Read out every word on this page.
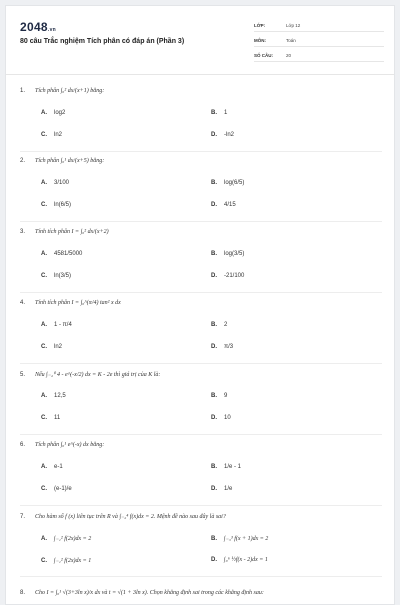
2048.vn
80 câu Trắc nghiệm Tích phân có đáp án (Phần 3)
LỚP:	Lớp 12
MÔN:	Toán
SỐ CÂU:	20
1. Tích phân ∫₀² dx/(x+1) bằng:
A. log2	B. 1
C. ln2	D. -ln2
2. Tích phân ∫₀¹ dx/(x+5) bằng:
A. 3/100	B. log(6/5)
C. ln(6/5)	D. 4/15
3. Tính tích phân I = ∫₀² dx/(x+2)
A. 4581/5000	B. log(3/5)
C. ln(3/5)	D. -21/100
4. Tính tích phân I = ∫₀^(π/4) tan² x dx
A. 1 - π/4	B. 2
C. ln2	D. π/3
5. Nếu ∫₋₂⁰ 4 - e^(-x/2) dx = K - 2e thì giá trị của K là:
A. 12,5	B. 9
C. 11	D. 10
6. Tích phân ∫₀¹ e^(-x) dx bằng:
A. e-1	B. 1/e - 1
C. (e-1)/e	D. 1/e
7. Cho hàm số f (x) liên tục trên R và ∫₋₂⁴ f(x)dx = 2. Mệnh đề nào sau đây là sai?
A. ∫₋₁² f(2x)dx = 2	B. ∫₋₃³ f(x + 1)dx = 2
C. ∫₋₁² f(2x)dx = 1	D. ∫₀⁶ ½f(x - 2)dx = 1
8. Cho I = ∫₀¹ √(3+3ln x)/x dx và t = √(1 + 3ln x). Chọn khẳng định sai trong các khẳng định sau:
